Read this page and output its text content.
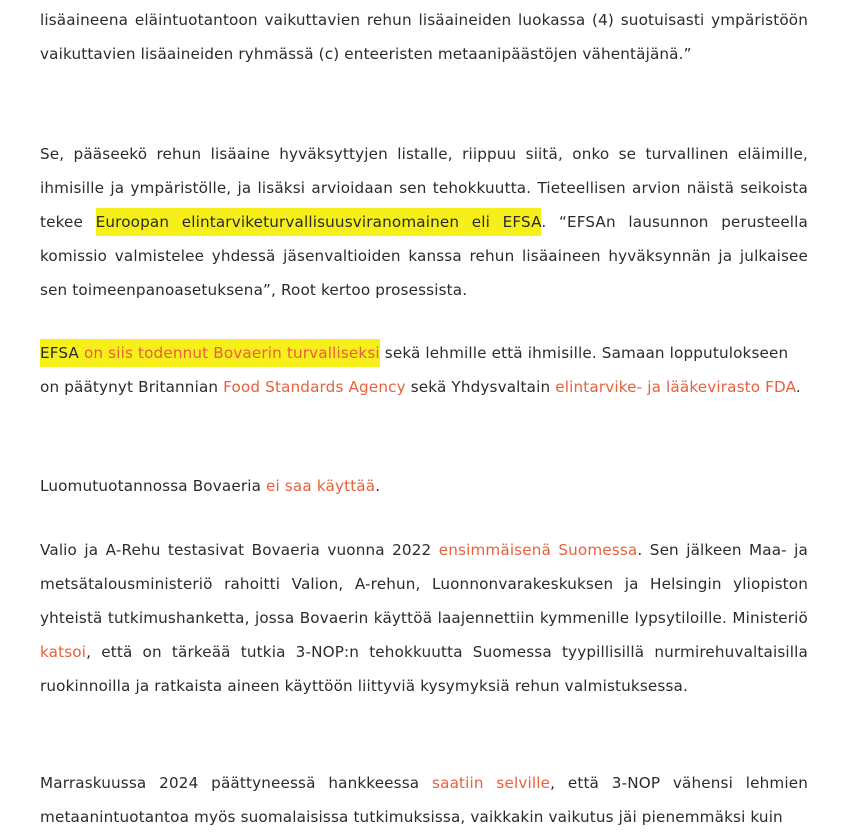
lisäaineena eläintuotantoon vaikuttavien rehun lisäaineiden luokassa (4) suotuisasti ympäristöön vaikuttavien lisäaineiden ryhmässä (c) enteeristen metaanipäästöjen vähentäjänä.”

Se, pääseekö rehun lisäaine hyväksyttyjen listalle, riippuu siitä, onko se turvallinen eläimille, ihmisille ja ympäristölle, ja lisäksi arvioidaan sen tehokkuutta. Tieteellisen arvion näistä seikoista tekee Euroopan elintarviketurvallisuusviranomainen eli EFSA. “EFSAn lausunnon perusteella komissio valmistelee yhdessä jäsenvaltioiden kanssa rehun lisäaineen hyväksynnän ja julkaisee sen toimeenpanoasetuksena”, Root kertoo prosessista.

EFSA on siis todennut Bovaerin turvalliseksi sekä lehmille että ihmisille. Samaan lopputulokseen on päätynyt Britannian Food Standards Agency sekä Yhdysvaltain elintarvike- ja lääkevirasto FDA.

Luomutuotannossa Bovaeria ei saa käyttää.

Valio ja A-Rehu testasivat Bovaeria vuonna 2022 ensimmäisenä Suomessa. Sen jälkeen Maa- ja metsätalousministeriö rahoitti Valion, A-rehun, Luonnonvarakeskuksen ja Helsingin yliopiston yhteistä tutkimushanketta, jossa Bovaerin käyttöä laajennettiin kymmenille lypsytiloille. Ministeriö katsoi, että on tärkeää tutkia 3-NOP:n tehokkuutta Suomessa tyypillisillä nurmirehuvaltaisilla ruokinnoilla ja ratkaista aineen käyttöön liittyviä kysymyksiä rehun valmistuksessa.

Marraskuussa 2024 päättyneessä hankkeessa saatiin selville, että 3-NOP vähensi lehmien metaanintuotantoa myös suomalaisissa tutkimuksissa, vaikkakin vaikutus jäi pienemmäksi kuin
